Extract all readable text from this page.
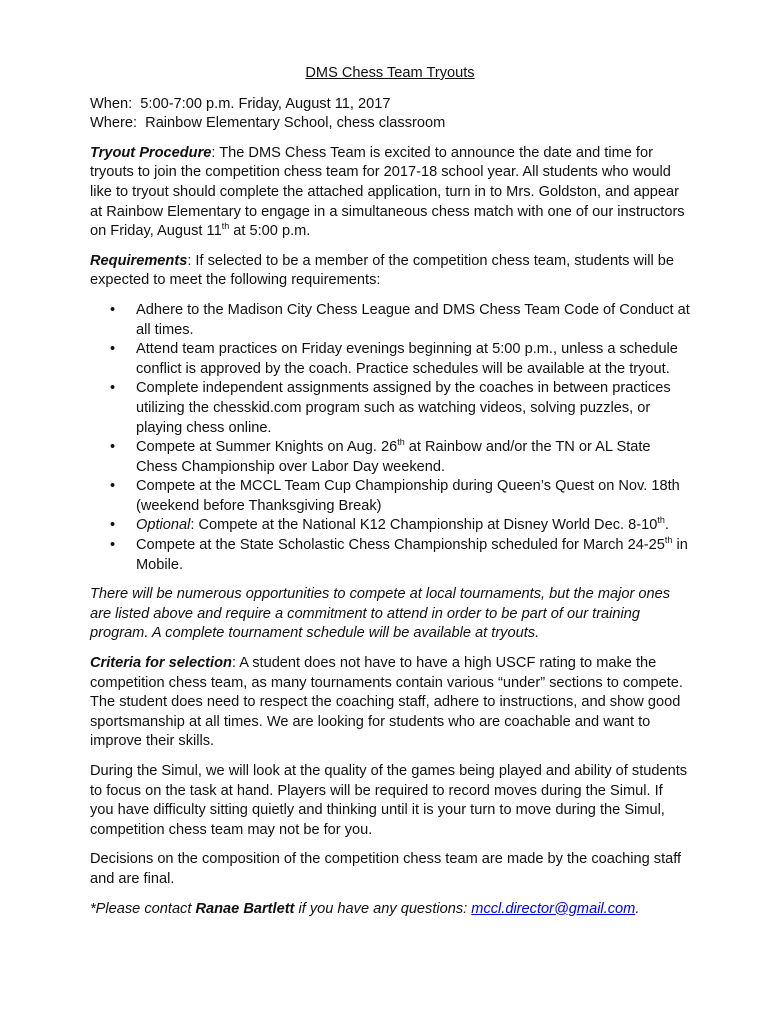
DMS Chess Team Tryouts
When: 5:00-7:00 p.m. Friday, August 11, 2017
Where: Rainbow Elementary School, chess classroom

Tryout Procedure: The DMS Chess Team is excited to announce the date and time for tryouts to join the competition chess team for 2017-18 school year. All students who would like to tryout should complete the attached application, turn in to Mrs. Goldston, and appear at Rainbow Elementary to engage in a simultaneous chess match with one of our instructors on Friday, August 11th at 5:00 p.m.

Requirements: If selected to be a member of the competition chess team, students will be expected to meet the following requirements:

• Adhere to the Madison City Chess League and DMS Chess Team Code of Conduct at all times.
• Attend team practices on Friday evenings beginning at 5:00 p.m., unless a schedule conflict is approved by the coach. Practice schedules will be available at the tryout.
• Complete independent assignments assigned by the coaches in between practices utilizing the chesskid.com program such as watching videos, solving puzzles, or playing chess online.
• Compete at Summer Knights on Aug. 26th at Rainbow and/or the TN or AL State Chess Championship over Labor Day weekend.
• Compete at the MCCL Team Cup Championship during Queen’s Quest on Nov. 18th (weekend before Thanksgiving Break)
• Optional: Compete at the National K12 Championship at Disney World Dec. 8-10th.
• Compete at the State Scholastic Chess Championship scheduled for March 24-25th in Mobile.

There will be numerous opportunities to compete at local tournaments, but the major ones are listed above and require a commitment to attend in order to be part of our training program. A complete tournament schedule will be available at tryouts.

Criteria for selection: A student does not have to have a high USCF rating to make the competition chess team, as many tournaments contain various “under” sections to compete. The student does need to respect the coaching staff, adhere to instructions, and show good sportsmanship at all times. We are looking for students who are coachable and want to improve their skills.

During the Simul, we will look at the quality of the games being played and ability of students to focus on the task at hand. Players will be required to record moves during the Simul. If you have difficulty sitting quietly and thinking until it is your turn to move during the Simul, competition chess team may not be for you.

Decisions on the composition of the competition chess team are made by the coaching staff and are final.

*Please contact Ranae Bartlett if you have any questions: mccl.director@gmail.com.
